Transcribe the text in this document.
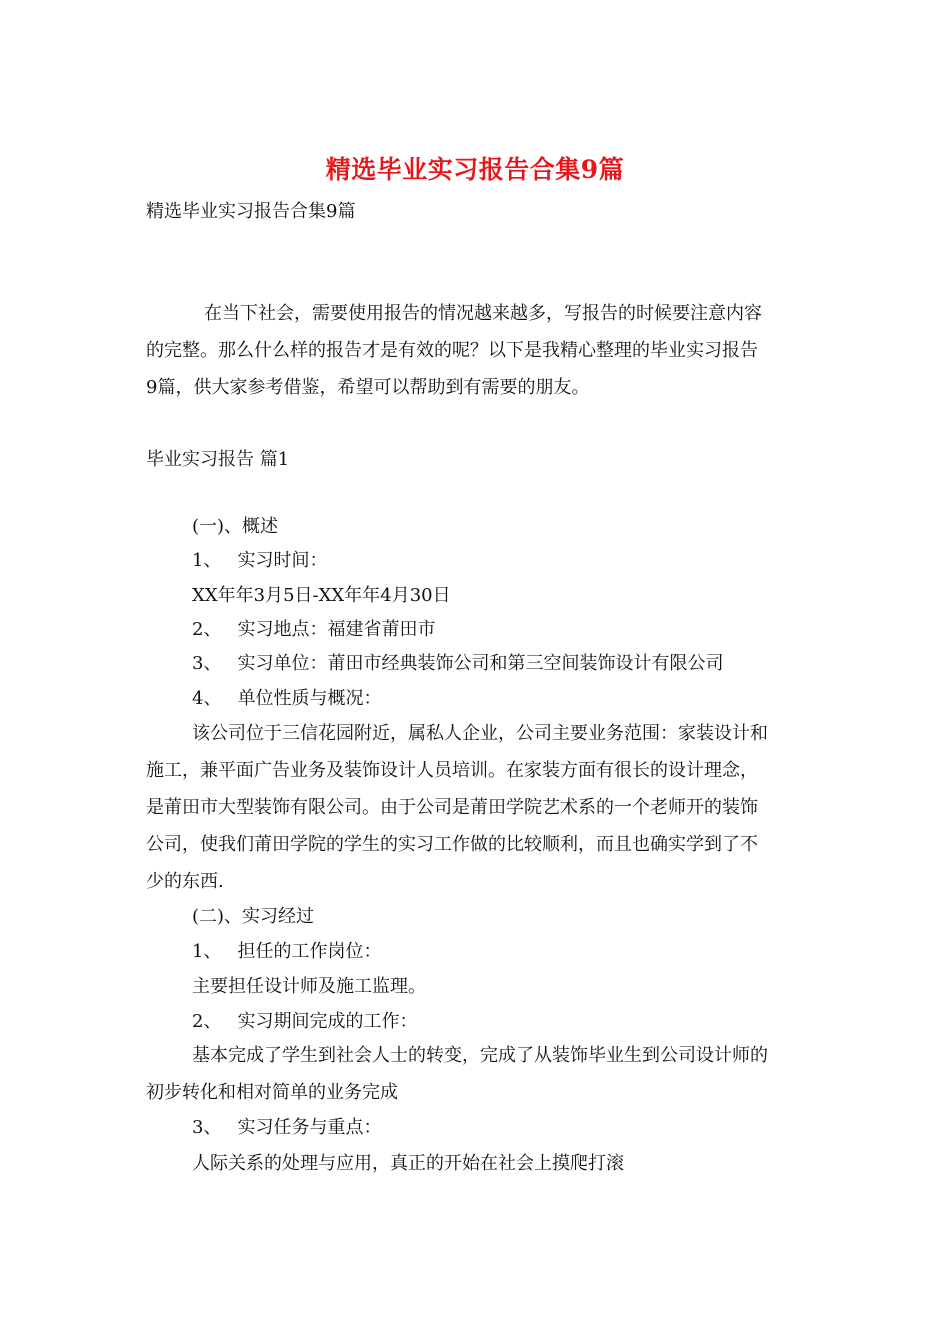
精选毕业实习报告合集9篇
精选毕业实习报告合集9篇
在当下社会，需要使用报告的情况越来越多，写报告的时候要注意内容
的完整。那么什么样的报告才是有效的呢？以下是我精心整理的毕业实习报告
9篇，供大家参考借鉴，希望可以帮助到有需要的朋友。
毕业实习报告 篇1
(一)、概述
1、 实习时间：
XX年年3月5日-XX年年4月30日
2、 实习地点：福建省莆田市
3、 实习单位：莆田市经典装饰公司和第三空间装饰设计有限公司
4、 单位性质与概况：
该公司位于三信花园附近，属私人企业，公司主要业务范围：家装设计和
施工，兼平面广告业务及装饰设计人员培训。在家装方面有很长的设计理念，
是莆田市大型装饰有限公司。由于公司是莆田学院艺术系的一个老师开的装饰
公司，使我们莆田学院的学生的实习工作做的比较顺利，而且也确实学到了不
少的东西.
(二)、实习经过
1、 担任的工作岗位：
主要担任设计师及施工监理。
2、 实习期间完成的工作：
基本完成了学生到社会人士的转变，完成了从装饰毕业生到公司设计师的
初步转化和相对简单的业务完成
3、 实习任务与重点：
人际关系的处理与应用，真正的开始在社会上摸爬打滚
